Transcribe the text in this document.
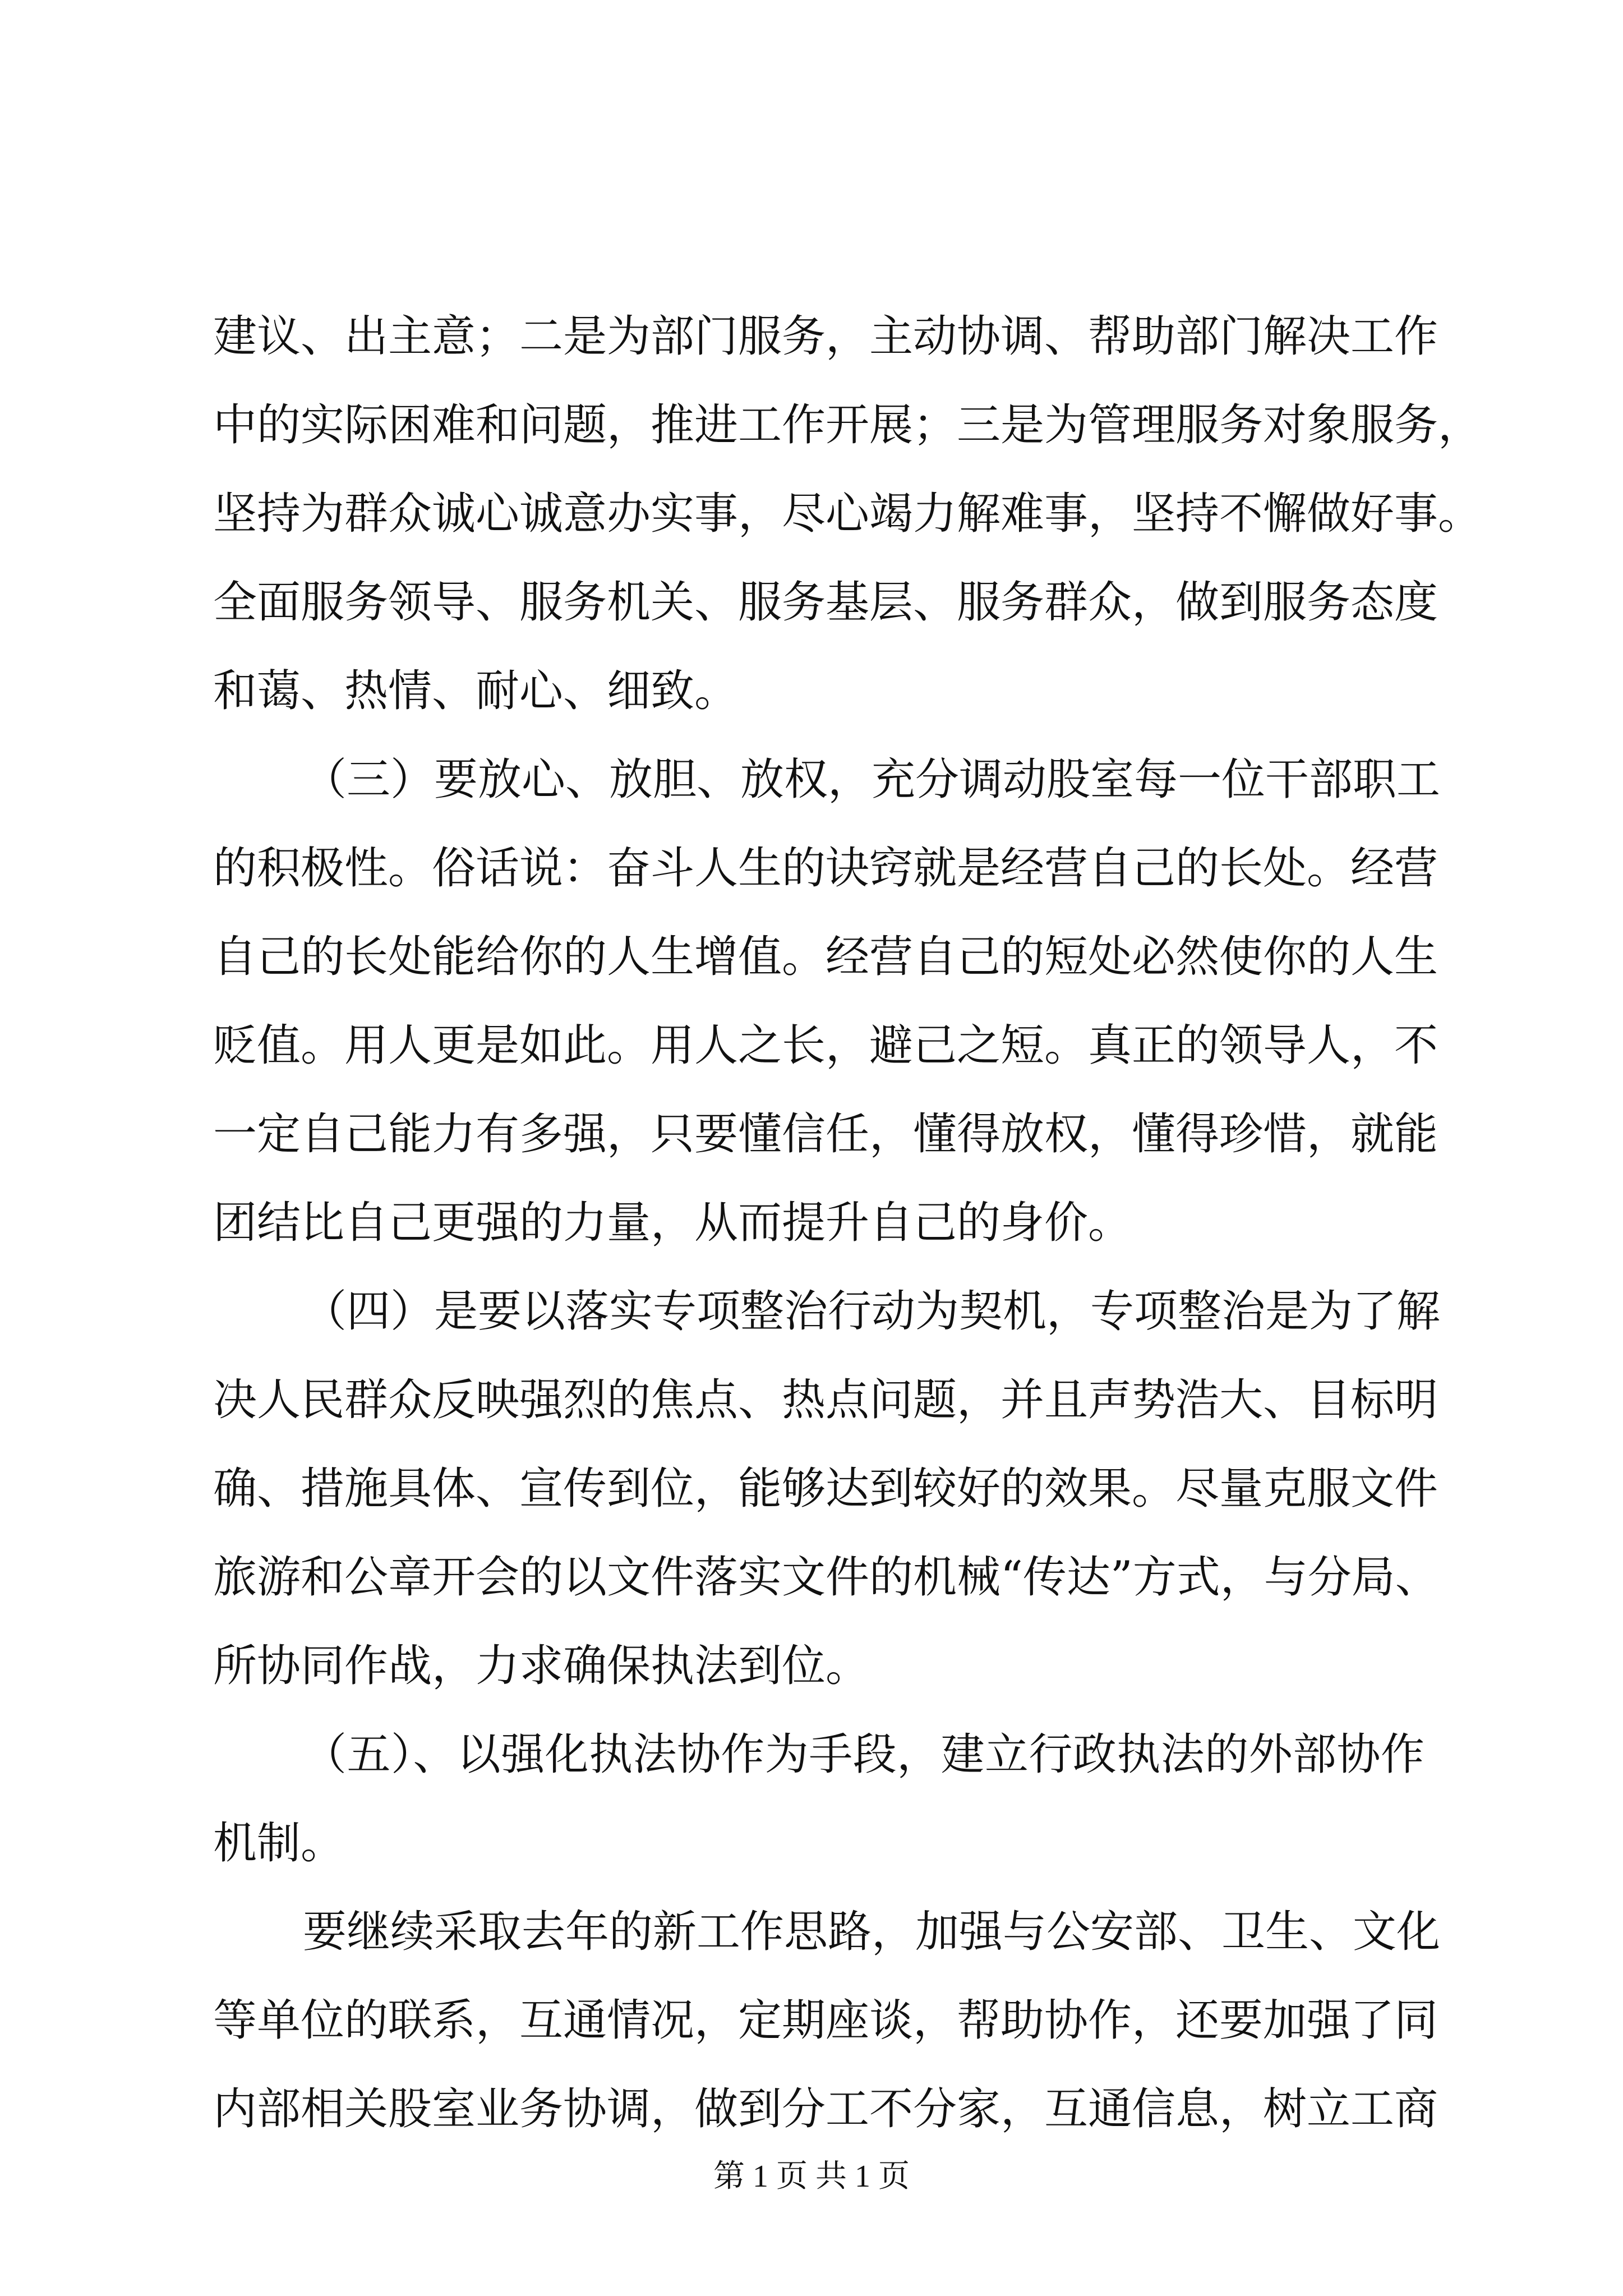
建议、出主意；二是为部门服务，主动协调、帮助部门解决工作
中的实际困难和问题，推进工作开展；三是为管理服务对象服务，
坚持为群众诚心诚意办实事，尽心竭力解难事，坚持不懈做好事。
全面服务领导、服务机关、服务基层、服务群众，做到服务态度
和蔼、热情、耐心、细致。
（三）要放心、放胆、放权，充分调动股室每一位干部职工
的积极性。俗话说：奋斗人生的诀窍就是经营自己的长处。经营
自己的长处能给你的人生增值。经营自己的短处必然使你的人生
贬值。用人更是如此。用人之长，避己之短。真正的领导人，不
一定自己能力有多强，只要懂信任，懂得放权，懂得珍惜，就能
团结比自己更强的力量，从而提升自己的身价。
（四）是要以落实专项整治行动为契机，专项整治是为了解
决人民群众反映强烈的焦点、热点问题，并且声势浩大、目标明
确、措施具体、宣传到位，能够达到较好的效果。尽量克服文件
旅游和公章开会的以文件落实文件的机械“传达”方式，与分局、
所协同作战，力求确保执法到位。
（五）、以强化执法协作为手段，建立行政执法的外部协作
机制。
要继续采取去年的新工作思路，加强与公安部、卫生、文化
等单位的联系，互通情况，定期座谈，帮助协作，还要加强了同
内部相关股室业务协调，做到分工不分家，互通信息，树立工商
第 1 页 共 1 页
